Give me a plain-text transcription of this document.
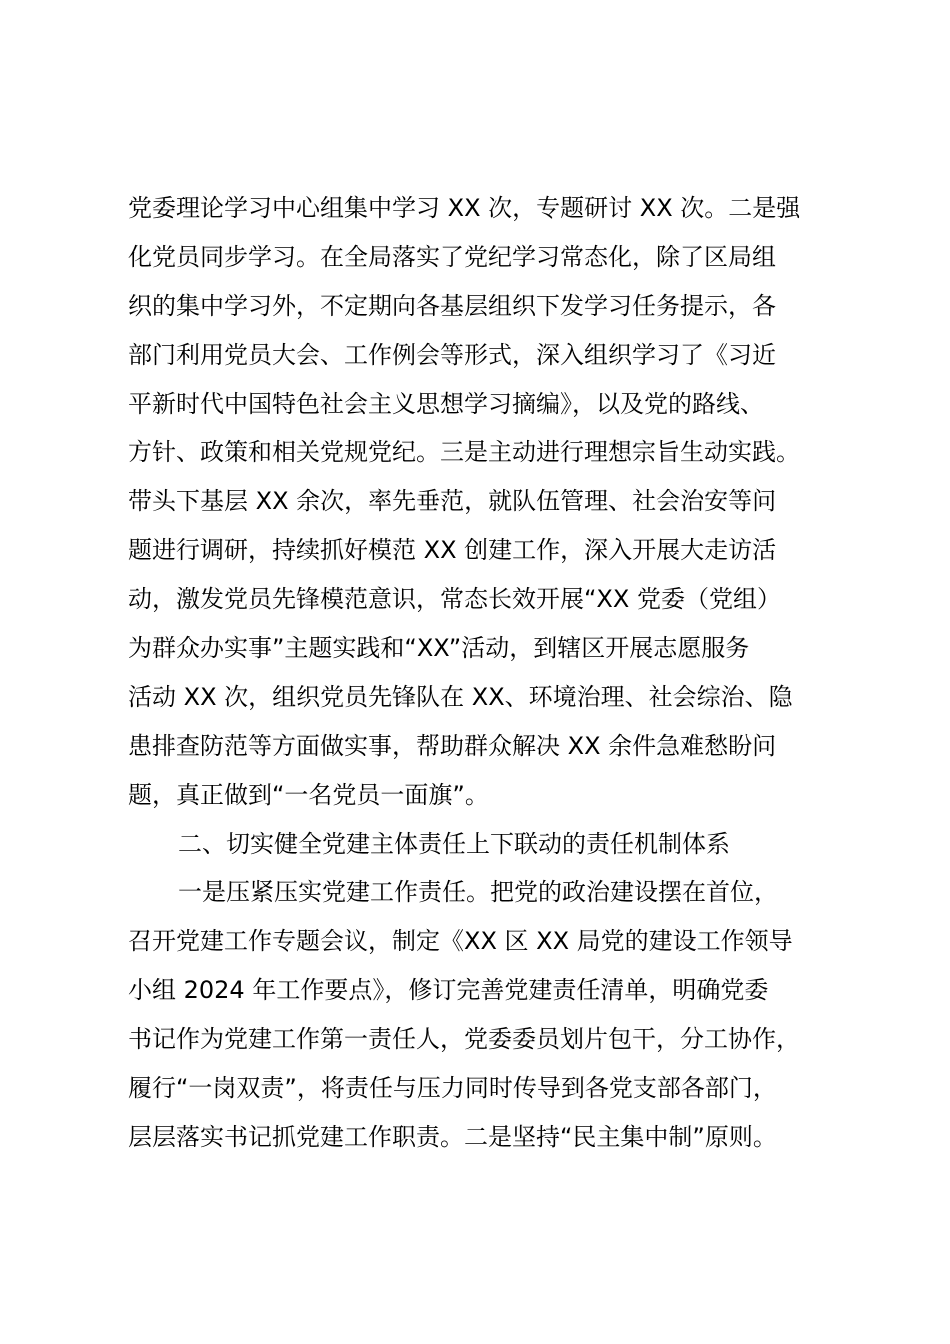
党委理论学习中心组集中学习 XX 次，专题研讨 XX 次。二是强
化党员同步学习。在全局落实了党纪学习常态化，除了区局组
织的集中学习外，不定期向各基层组织下发学习任务提示，各
部门利用党员大会、工作例会等形式，深入组织学习了《习近
平新时代中国特色社会主义思想学习摘编》，以及党的路线、
方针、政策和相关党规党纪。三是主动进行理想宗旨生动实践。
带头下基层 XX 余次，率先垂范，就队伍管理、社会治安等问
题进行调研，持续抓好模范 XX 创建工作，深入开展大走访活
动，激发党员先锋模范意识，常态长效开展“XX 党委（党组）
为群众办实事”主题实践和“XX”活动，到辖区开展志愿服务
活动 XX 次，组织党员先锋队在 XX、环境治理、社会综治、隐
患排查防范等方面做实事，帮助群众解决 XX 余件急难愁盼问
题，真正做到“一名党员一面旗”。
二、切实健全党建主体责任上下联动的责任机制体系
一是压紧压实党建工作责任。把党的政治建设摆在首位，
召开党建工作专题会议，制定《XX 区 XX 局党的建设工作领导
小组 2024 年工作要点》，修订完善党建责任清单，明确党委
书记作为党建工作第一责任人，党委委员划片包干，分工协作，
履行“一岗双责”，将责任与压力同时传导到各党支部各部门，
层层落实书记抓党建工作职责。二是坚持“民主集中制”原则。
